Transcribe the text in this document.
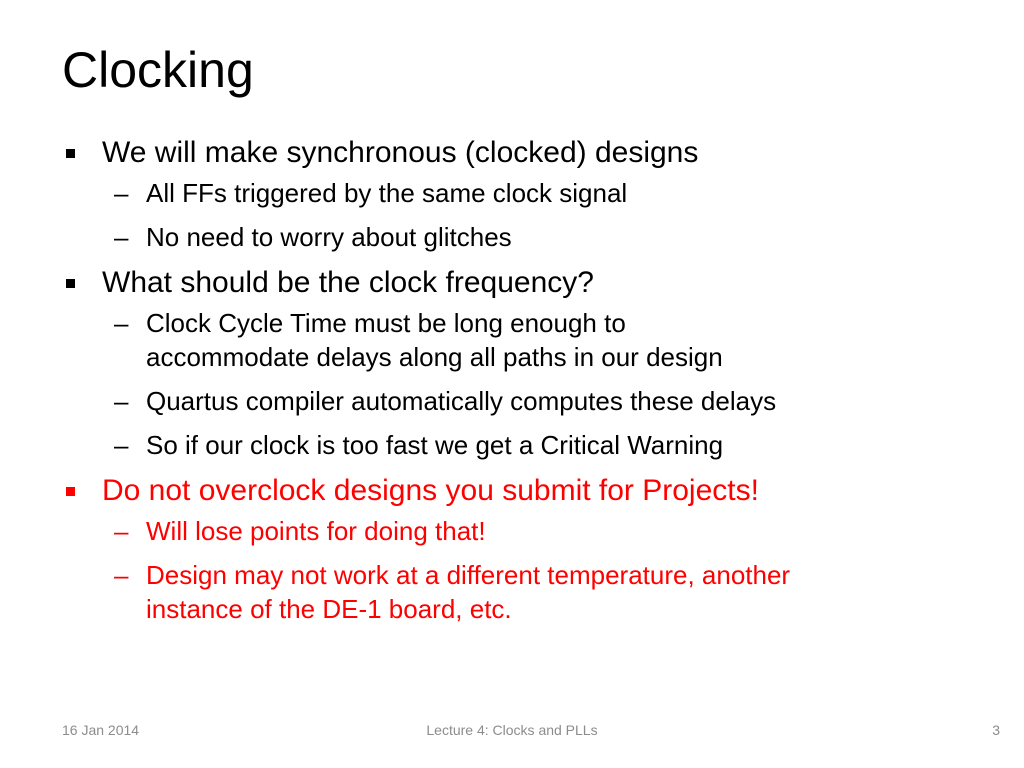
Clocking
We will make synchronous (clocked) designs
– All FFs triggered by the same clock signal
– No need to worry about glitches
What should be the clock frequency?
– Clock Cycle Time must be long enough to
accommodate delays along all paths in our design
– Quartus compiler automatically computes these delays
– So if our clock is too fast we get a Critical Warning
Do not overclock designs you submit for Projects!
– Will lose points for doing that!
– Design may not work at a different temperature, another
instance of the DE-1 board, etc.
16 Jan 2014	Lecture 4: Clocks and PLLs	3
